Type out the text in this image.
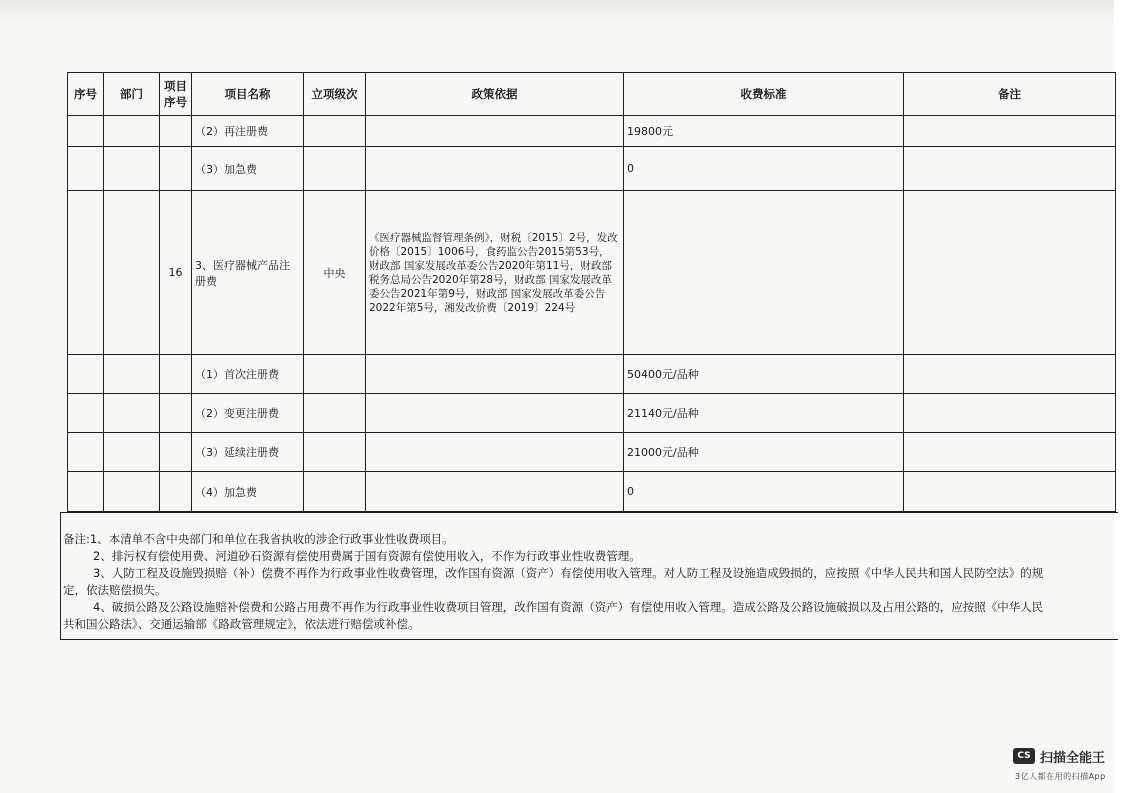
序号	部门	项目序号	项目名称	立项级次	政策依据	收费标准	备注
			（2）再注册费			19800元	
			（3）加急费			0	
		16	3、医疗器械产品注册费	中央	《医疗器械监督管理条例》，财税〔2015〕2号，发改价格〔2015〕1006号，食药监公告2015第53号，财政部 国家发展改革委公告2020年第11号，财政部 税务总局公告2020年第28号，财政部 国家发展改革委公告2021年第9号，财政部 国家发展改革委公告2022年第5号，湘发改价费〔2019〕224号		
			（1）首次注册费			50400元/品种	
			（2）变更注册费			21140元/品种	
			（3）延续注册费			21000元/品种	
			（4）加急费			0	

备注:1、本清单不含中央部门和单位在我省执收的涉企行政事业性收费项目。

2、排污权有偿使用费、河道砂石资源有偿使用费属于国有资源有偿使用收入，不作为行政事业性收费管理。

3、人防工程及设施毁损赔（补）偿费不再作为行政事业性收费管理，改作国有资源（资产）有偿使用收入管理。对人防工程及设施造成毁损的，应按照《中华人民共和国人民防空法》的规

定，依法赔偿损失。

4、破损公路及公路设施赔补偿费和公路占用费不再作为行政事业性收费项目管理，改作国有资源（资产）有偿使用收入管理。造成公路及公路设施破损以及占用公路的，应按照《中华人民

共和国公路法》、交通运输部《路政管理规定》，依法进行赔偿或补偿。

CS 扫描全能王
3亿人都在用的扫描App
